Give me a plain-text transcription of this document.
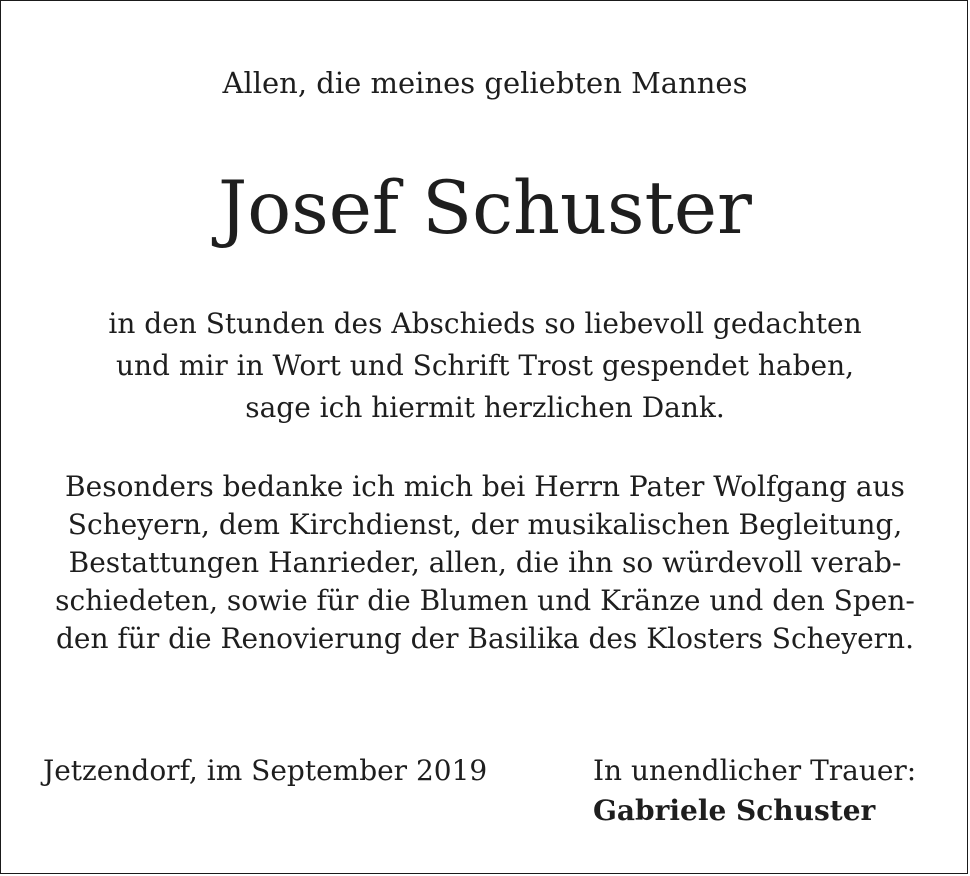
Allen, die meines geliebten Mannes
Josef Schuster
in den Stunden des Abschieds so liebevoll gedachten
und mir in Wort und Schrift Trost gespendet haben,
sage ich hiermit herzlichen Dank.
Besonders bedanke ich mich bei Herrn Pater Wolfgang aus
Scheyern, dem Kirchdienst, der musikalischen Begleitung,
Bestattungen Hanrieder, allen, die ihn so würdevoll verab-
schiedeten, sowie für die Blumen und Kränze und den Spen-
den für die Renovierung der Basilika des Klosters Scheyern.
Jetzendorf, im September 2019	In unendlicher Trauer:
Gabriele Schuster
